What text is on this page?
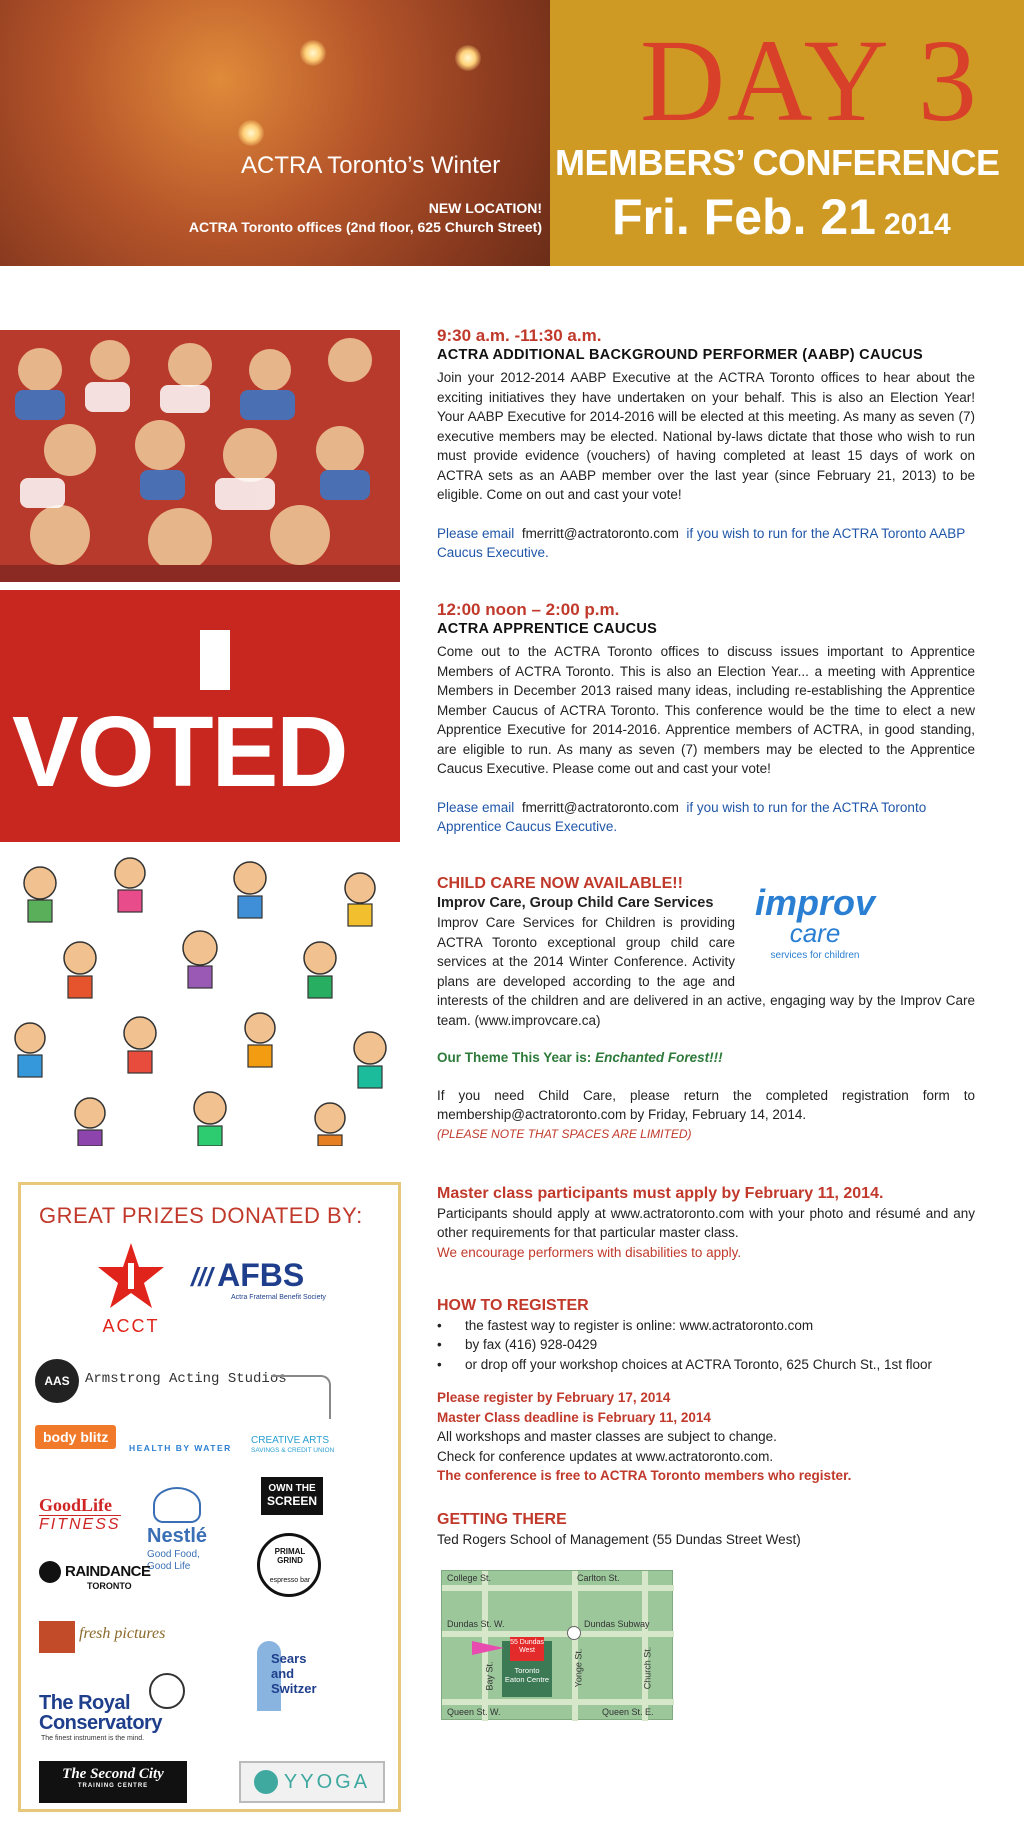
DAY 3
ACTRA Toronto’s Winter MEMBERS’ CONFERENCE
NEW LOCATION!
ACTRA Toronto offices (2nd floor, 625 Church Street) Fri. Feb. 21 2014
VOTED
9:30 a.m. -11:30 a.m.
ACTRA ADDITIONAL BACKGROUND PERFORMER (AABP) CAUCUS
Join your 2012-2014 AABP Executive at the ACTRA Toronto offices to hear about the exciting initiatives they have undertaken on your behalf. This is also an Election Year! Your AABP Executive for 2014-2016 will be elected at this meeting. As many as seven (7) executive members may be elected. National by-laws dictate that those who wish to run must provide evidence (vouchers) of having completed at least 15 days of work on ACTRA sets as an AABP member over the last year (since February 21, 2013) to be eligible. Come on out and cast your vote!
Please email fmerritt@actratoronto.com if you wish to run for the ACTRA Toronto AABP Caucus Executive.
12:00 noon – 2:00 p.m.
ACTRA APPRENTICE CAUCUS
Come out to the ACTRA Toronto offices to discuss issues important to Apprentice Members of ACTRA Toronto. This is also an Election Year... a meeting with Apprentice Members in December 2013 raised many ideas, including re-establishing the Apprentice Member Caucus of ACTRA Toronto. This conference would be the time to elect a new Apprentice Executive for 2014-2016. Apprentice members of ACTRA, in good standing, are eligible to run. As many as seven (7) members may be elected to the Apprentice Caucus Executive. Please come out and cast your vote!
Please email fmerritt@actratoronto.com if you wish to run for the ACTRA Toronto Apprentice Caucus Executive.
CHILD CARE NOW AVAILABLE!!	improv
care
services for children
Improv Care, Group Child Care Services
Improv Care Services for Children is providing ACTRA Toronto exceptional group child care services at the 2014 Winter Conference. Activity plans are developed according to the age and interests of the children and are delivered in an active, engaging way by the Improv Care team. (www.improvcare.ca)
Our Theme This Year is: Enchanted Forest!!!
If you need Child Care, please return the completed registration form to membership@actratoronto.com by Friday, February 14, 2014.
(PLEASE NOTE THAT SPACES ARE LIMITED)
Master class participants must apply by February 11, 2014.
Participants should apply at www.actratoronto.com with your photo and résumé and any other requirements for that particular master class.
We encourage performers with disabilities to apply.
HOW TO REGISTER
•	the fastest way to register is online: www.actratoronto.com
•	by fax (416) 928-0429
•	or drop off your workshop choices at ACTRA Toronto, 625 Church St., 1st floor
Please register by February 17, 2014
Master Class deadline is February 11, 2014
All workshops and master classes are subject to change.
Check for conference updates at www.actratoronto.com.
The conference is free to ACTRA Toronto members who register.
GETTING THERE
Ted Rogers School of Management (55 Dundas Street West)
College St.	Carlton St.
Dundas St. W.	Dundas Subway
55 Dundas West
Toronto Eaton Centre
Bay St.	Yonge St.	Church St.
Queen St. W.	Queen St. E.
GREAT PRIZES DONATED BY:
ACCT
/// AFBS
Actra Fraternal Benefit Society
AAS	Armstrong Acting Studios
body blitz
HEALTH BY WATER
CREATIVE ARTS
SAVINGS & CREDIT UNION
GoodLife
FITNESS
Nestlé
Good Food, Good Life
OWN THE
SCREEN
RAINDANCE
TORONTO
PRIMAL GRIND
espresso bar
fresh pictures
Sears
and
Switzer
The Royal
Conservatory
The finest instrument is the mind.
The Second City
TRAINING CENTRE	YYOGA
